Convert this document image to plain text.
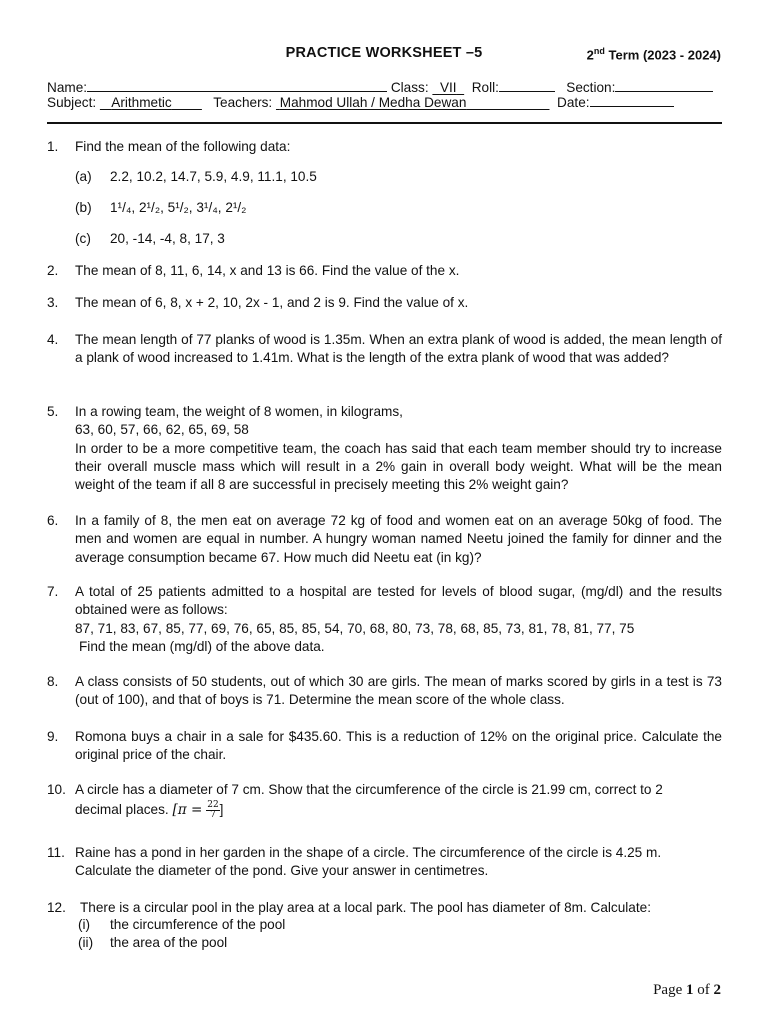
PRACTICE WORKSHEET –5	2nd Term (2023 - 2024)
Name:	Class: VII Roll:	Section:
Subject: Arithmetic	Teachers: Mahmod Ullah / Medha Dewan	Date:
1. Find the mean of the following data:
(a) 2.2, 10.2, 14.7, 5.9, 4.9, 11.1, 10.5
(b) 1¹/₄, 2¹/₂, 5¹/₂, 3¹/₄, 2¹/₂
(c) 20, -14, -4, 8, 17, 3
2. The mean of 8, 11, 6, 14, x and 13 is 66. Find the value of the x.
3. The mean of 6, 8, x + 2, 10, 2x - 1, and 2 is 9. Find the value of x.
4. The mean length of 77 planks of wood is 1.35m. When an extra plank of wood is added, the mean length of a plank of wood increased to 1.41m. What is the length of the extra plank of wood that was added?
5. In a rowing team, the weight of 8 women, in kilograms,
63, 60, 57, 66, 62, 65, 69, 58
In order to be a more competitive team, the coach has said that each team member should try to increase their overall muscle mass which will result in a 2% gain in overall body weight. What will be the mean weight of the team if all 8 are successful in precisely meeting this 2% weight gain?
6. In a family of 8, the men eat on average 72 kg of food and women eat on an average 50kg of food. The men and women are equal in number. A hungry woman named Neetu joined the family for dinner and the average consumption became 67. How much did Neetu eat (in kg)?
7. A total of 25 patients admitted to a hospital are tested for levels of blood sugar, (mg/dl) and the results obtained were as follows:
87, 71, 83, 67, 85, 77, 69, 76, 65, 85, 85, 54, 70, 68, 80, 73, 78, 68, 85, 73, 81, 78, 81, 77, 75
Find the mean (mg/dl) of the above data.
8. A class consists of 50 students, out of which 30 are girls. The mean of marks scored by girls in a test is 73 (out of 100), and that of boys is 71. Determine the mean score of the whole class.
9. Romona buys a chair in a sale for $435.60. This is a reduction of 12% on the original price. Calculate the original price of the chair.
10. A circle has a diameter of 7 cm. Show that the circumference of the circle is 21.99 cm, correct to 2
decimal places. [$\pi = \frac{22}{7}$ ]
11. Raine has a pond in her garden in the shape of a circle. The circumference of the circle is 4.25 m.
Calculate the diameter of the pond. Give your answer in centimetres.
12. There is a circular pool in the play area at a local park. The pool has diameter of 8m. Calculate:
(i) the circumference of the pool
(ii) the area of the pool
Page 1 of 2
